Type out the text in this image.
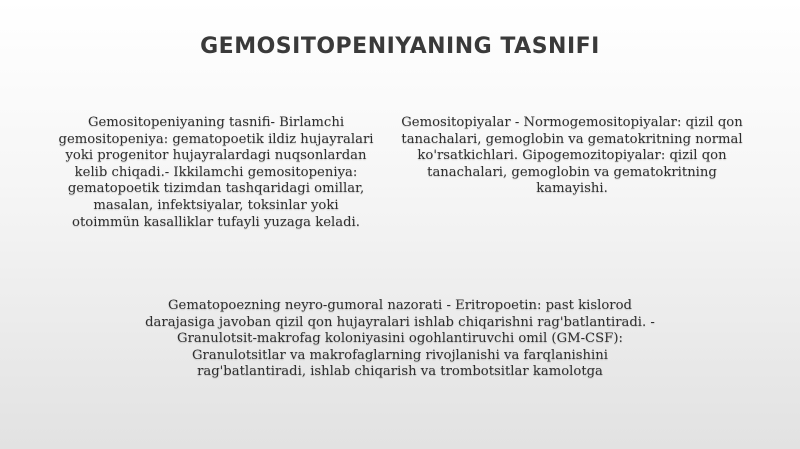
GEMOSITOPENIYANING TASNIFI
Gemositopeniyaning tasnifi- Birlamchi gemositopeniya: gematopoetik ildiz hujayralari yoki progenitor hujayralardagi nuqsonlardan kelib chiqadi.- Ikkilamchi gemositopeniya: gematopoetik tizimdan tashqaridagi omillar, masalan, infektsiyalar, toksinlar yoki otoimmün kasalliklar tufayli yuzaga keladi.
Gemositopiyalar - Normogemositopiyalar: qizil qon tanachalari, gemoglobin va gematokritning normal ko'rsatkichlari. Gipogemozitopiyalar: qizil qon tanachalari, gemoglobin va gematokritning kamayishi.
Gematopoezning neyro-gumoral nazorati - Eritropoetin: past kislorod darajasiga javoban qizil qon hujayralari ishlab chiqarishni rag'batlantiradi. - Granulotsit-makrofag koloniyasini ogohlantiruvchi omil (GM-CSF): Granulotsitlar va makrofaglarning rivojlanishi va farqlanishini rag'batlantiradi, ishlab chiqarish va trombotsitlar kamolotga
